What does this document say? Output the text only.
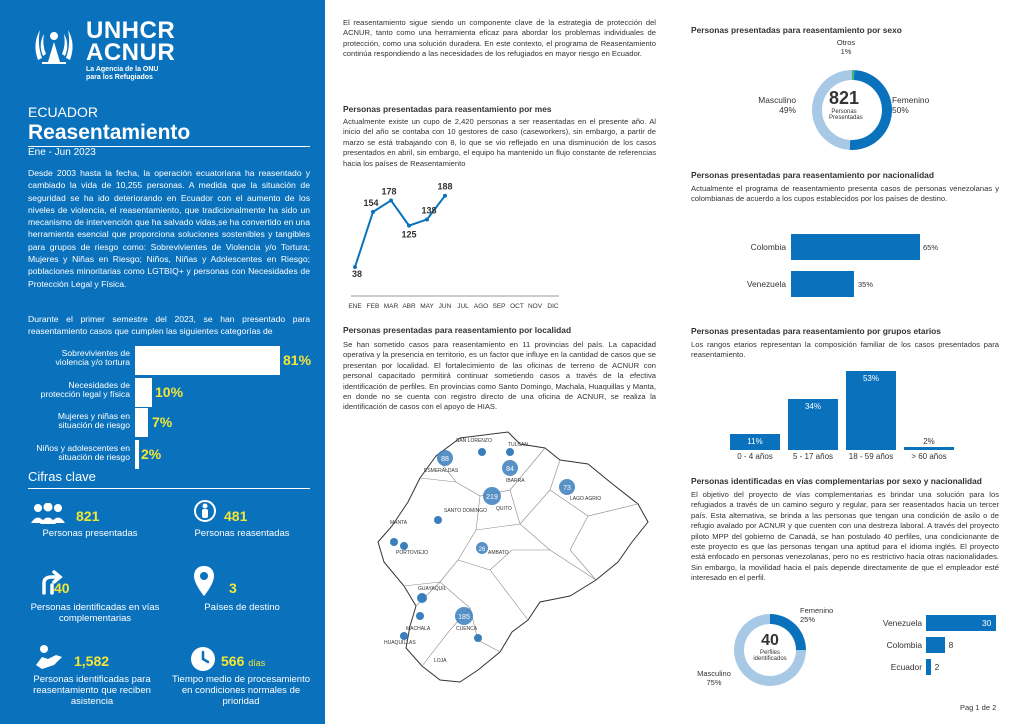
UNHCR
ACNUR
La Agencia de la ONU
para los Refugiados
ECUADOR
Reasentamiento
Ene - Jun 2023
Desde 2003 hasta la fecha, la operación ecuatoriana ha reasentado y cambiado la vida de 10,255 personas. A medida que la situación de seguridad se ha ido deteriorando en Ecuador con el aumento de los niveles de violencia, el reasentamiento, que tradicionalmente ha sido un mecanismo de intervención que ha salvado vidas,se ha convertido en una herramienta esencial que proporciona soluciones sostenibles y tangibles para grupos de riesgo como: Sobrevivientes de Violencia y/o Tortura; Mujeres y Niñas en Riesgo; Niños, Niñas y Adolescentes en Riesgo; poblaciones minoritarias como LGTBIQ+ y personas con Necesidades de Protección Legal y Física.
Durante el primer semestre del 2023, se han presentado para reasentamiento casos que cumplen las siguientes categorías de
Sobrevivientes de violencia y/o tortura	81%
Necesidades de protección legal y física 10%
Mujeres y niñas en situación de riesgo 7%
Niños y adolescentes en situación de riesgo 2%
Cifras clave
821
Personas presentadas
481
Personas reasentadas
40
Personas identificadas en vías complementarias
3
Países de destino
1,582
Personas identificadas para reasentamiento que reciben asistencia
566 días
Tiempo medio de procesamiento en condiciones normales de prioridad
El reasentamiento sigue siendo un componente clave de la estrategia de protección del ACNUR, tanto como una herramienta eficaz para abordar los problemas individuales de protección, como una solución duradera. En este contexto, el programa de Reasentamiento continúa respondiendo a las necesidades de los refugiados en mayor riesgo en Ecuador.
Personas presentadas para reasentamiento por mes
Actualmente existe un cupo de 2,420 personas a ser reasentadas en el presente año. Al inicio del año se contaba con 10 gestores de caso (caseworkers), sin embargo, a partir de marzo se está trabajando con 8, lo que se vio reflejado en una disminución de los casos presentados en abril, sin embargo, el equipo ha mantenido un flujo constante de referencias hacia los países de Reasentamiento
38
154
178
125
138
188
ENE FEB MAR ABR MAY JUN JUL AGO SEP OCT NOV DIC
Personas presentadas para reasentamiento por localidad
Se han sometido casos para reasentamiento en 11 provincias del país. La capacidad operativa y la presencia en territorio, es un factor que influye en la cantidad de casos que se presentan por localidad. El fortalecimiento de las oficinas de terreno de ACNUR con personal capacitado permitirá continuar sometiendo casos a través de la efectiva identificación de perfiles. En provincias como Santo Domingo, Machala, Huaquillas y Manta, en donde no se cuenta con registro directo de una oficina de ACNUR, se realiza la identificación de casos con el apoyo de HIAS.
88
84
219
73
26
185
SAN LORENZO
ESMERALDAS
TULCAN
IBARRA
QUITO
LAGO AGRIO
MANTA
PORTOVIEJO
SANTO DOMINGO
AMBATO
GUAYAQUIL
MACHALA
HUAQUILLAS
CUENCA
LOJA
Personas presentadas para reasentamiento por sexo
Otros
1%
Masculino
49%
Femenino
50%
821
Personas Presentadas
Personas presentadas para reasentamiento por nacionalidad
Actualmente el programa de reasentamiento presenta casos de personas venezolanas y colombianas de acuerdo a los cupos establecidos por los países de destino.
Colombia	65%
Venezuela	35%
Personas presentadas para reasentamiento por grupos etarios
Los rangos etarios representan la composición familiar de los casos presentados para reasentamiento.
11%
0 - 4 años
34%
5 - 17 años
53%
18 - 59 años
2%
> 60 años
Personas identificadas en vías complementarias por sexo y nacionalidad
El objetivo del proyecto de vías complementarias es brindar una solución para los refugiados a través de un camino seguro y regular, para ser reasentados hacia un tercer país. Esta alternativa, se brinda a las personas que tengan una condición de asilo o de refugio avalado por ACNUR y que cuenten con una destreza laboral. A través del proyecto piloto MPP del gobierno de Canadá, se han postulado 40 perfiles, una condicionante de este proyecto es que las personas tengan una aptitud para el idioma inglés. El proyecto está enfocado en personas venezolanas, pero no es restrictivo hacia otras nacionalidades. Sin embargo, la movilidad hacia el país depende directamente de que el empleador esté interesado en el perfil.
40
Perfiles identificados
Femenino
25%
Masculino
75%
Venezuela	30
Colombia	8
Ecuador 2
Pag 1 de 2
